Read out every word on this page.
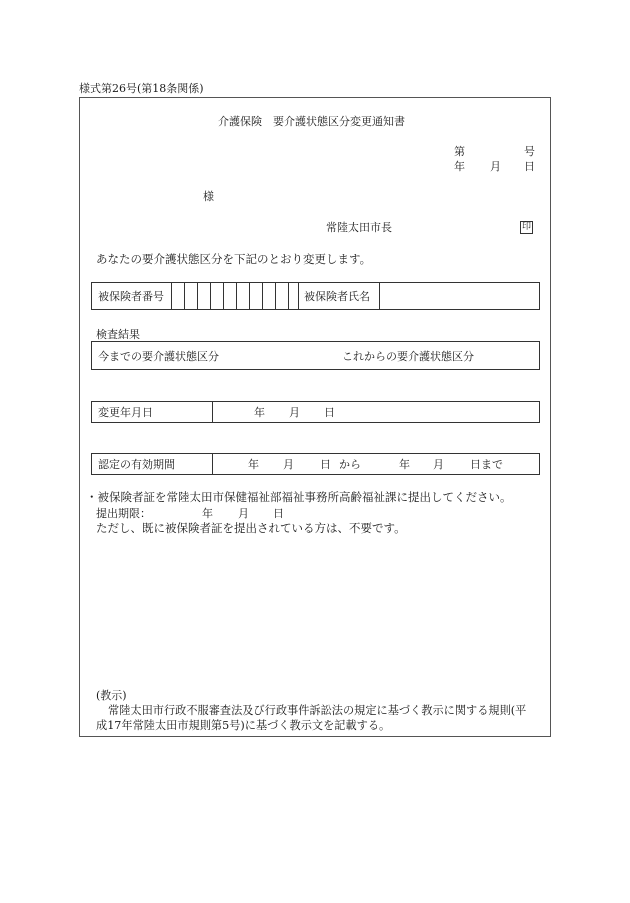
様式第26号(第18条関係)
介護保険　要介護状態区分変更通知書
第	号
年 月 日
様
常陸太田市長	印
あなたの要介護状態区分を下記のとおり変更します。
被保険者番号	被保険者氏名
検査結果
今までの要介護状態区分	これからの要介護状態区分
変更年月日	年 月 日
認定の有効期間	年 月 日 から	年 月 日まで
・被保険者証を常陸太田市保健福祉部福祉事務所高齢福祉課に提出してください。
提出期限：	年 月 日
ただし、既に被保険者証を提出されている方は、不要です。
(教示)
常陸太田市行政不服審査法及び行政事件訴訟法の規定に基づく教示に関する規則(平
成17年常陸太田市規則第5号)に基づく教示文を記載する。
